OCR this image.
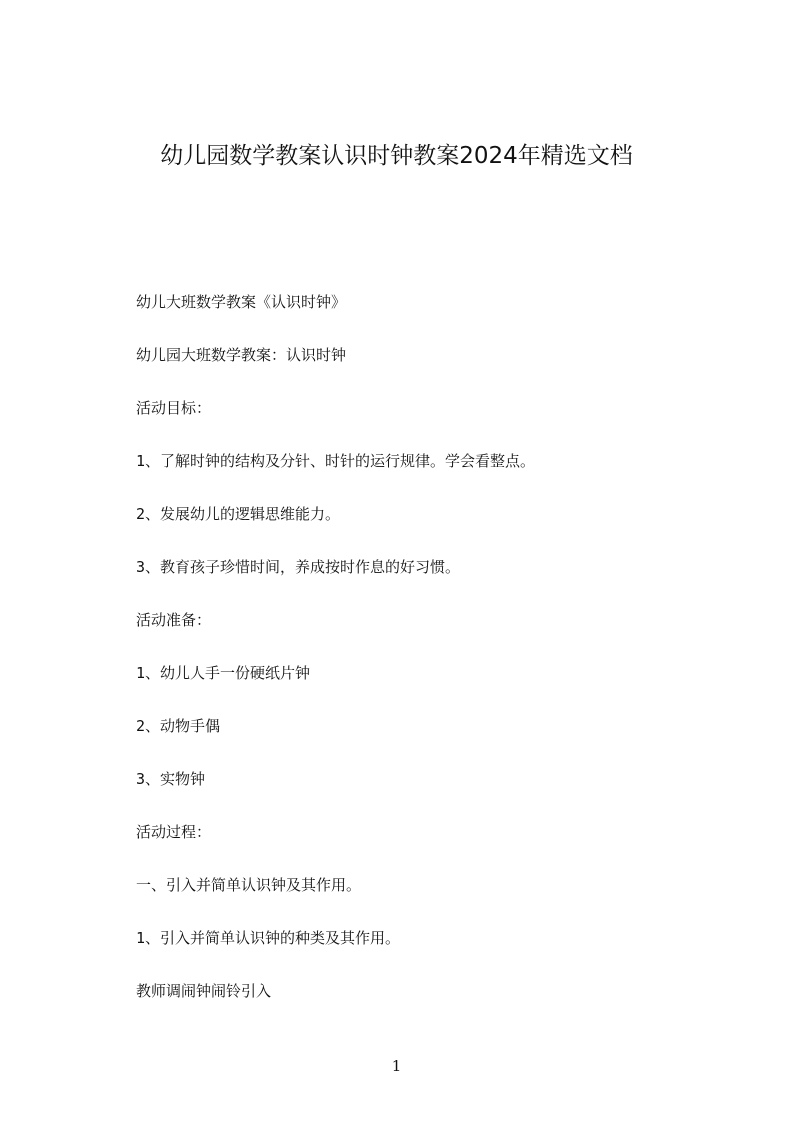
幼儿园数学教案认识时钟教案2024年精选文档

幼儿大班数学教案《认识时钟》

幼儿园大班数学教案：认识时钟

活动目标：

1、了解时钟的结构及分针、时针的运行规律。学会看整点。

2、发展幼儿的逻辑思维能力。

3、教育孩子珍惜时间，养成按时作息的好习惯。

活动准备：

1、幼儿人手一份硬纸片钟

2、动物手偶

3、实物钟

活动过程：

一、引入并简单认识钟及其作用。

1、引入并简单认识钟的种类及其作用。

教师调闹钟闹铃引入

1
